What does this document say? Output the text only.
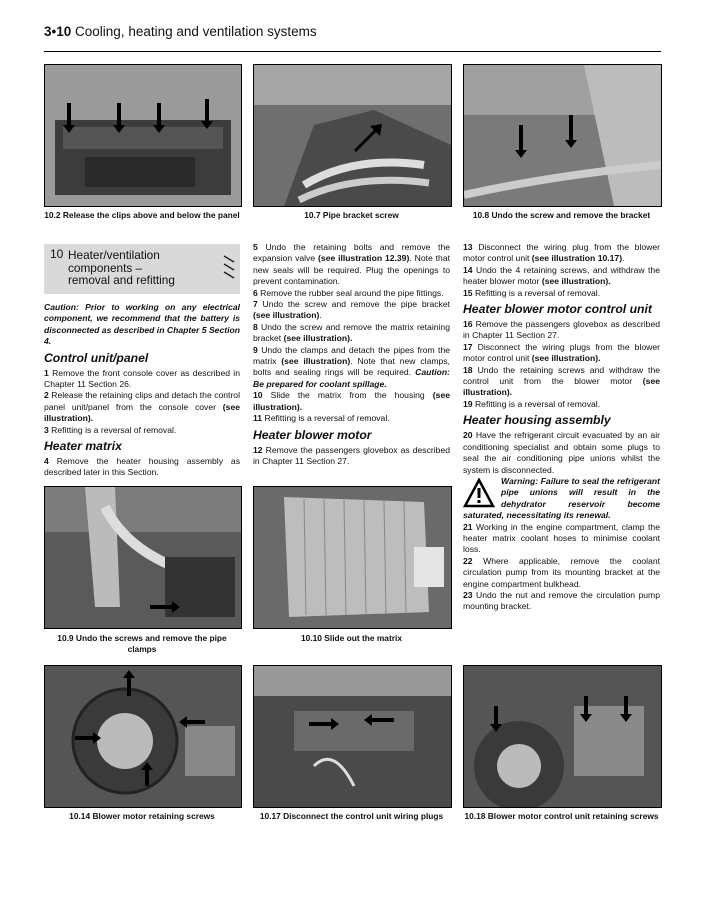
3•10 Cooling, heating and ventilation systems
10.2 Release the clips above and below the panel	10.7 Pipe bracket screw	10.8 Undo the screw and remove the bracket
10 Heater/ventilation components –
removal and refitting

Caution: Prior to working on any electrical component, we recommend that the battery is disconnected as described in Chapter 5 Section 4.

Control unit/panel

1 Remove the front console cover as described in Chapter 11 Section 26.

2 Release the retaining clips and detach the control panel unit/panel from the console cover (see illustration).

3 Refitting is a reversal of removal.

Heater matrix

4 Remove the heater housing assembly as described later in this Section.

5 Undo the retaining bolts and remove the expansion valve (see illustration 12.39). Note that new seals will be required. Plug the openings to prevent contamination.

6 Remove the rubber seal around the pipe fittings.

7 Undo the screw and remove the pipe bracket (see illustration).

8 Undo the screw and remove the matrix retaining bracket (see illustration).

9 Undo the clamps and detach the pipes from the matrix (see illustration). Note that new clamps, bolts and sealing rings will be required. Caution: Be prepared for coolant spillage.

10 Slide the matrix from the housing (see illustration).

11 Refitting is a reversal of removal.

Heater blower motor

12 Remove the passengers glovebox as described in Chapter 11 Section 27.

13 Disconnect the wiring plug from the blower motor control unit (see illustration 10.17).

14 Undo the 4 retaining screws, and withdraw the heater blower motor (see illustration).

15 Refitting is a reversal of removal.

Heater blower motor control unit

16 Remove the passengers glovebox as described in Chapter 11 Section 27.

17 Disconnect the wiring plugs from the blower motor control unit (see illustration).

18 Undo the retaining screws and withdraw the control unit from the blower motor (see illustration).

19 Refitting is a reversal of removal.

Heater housing assembly

20 Have the refrigerant circuit evacuated by an air conditioning specialist and obtain some plugs to seal the air conditioning pipe unions whilst the system is disconnected.

Warning: Failure to seal the refrigerant pipe unions will result in the dehydrator reservoir become saturated, necessitating its renewal.

21 Working in the engine compartment, clamp the heater matrix coolant hoses to minimise coolant loss.

22 Where applicable, remove the coolant circulation pump from its mounting bracket at the engine compartment bulkhead.

23 Undo the nut and remove the circulation pump mounting bracket.

10.9 Undo the screws and remove the pipe clamps
10.10 Slide out the matrix
10.14 Blower motor retaining screws	10.17 Disconnect the control unit wiring plugs	10.18 Blower motor control unit retaining screws
